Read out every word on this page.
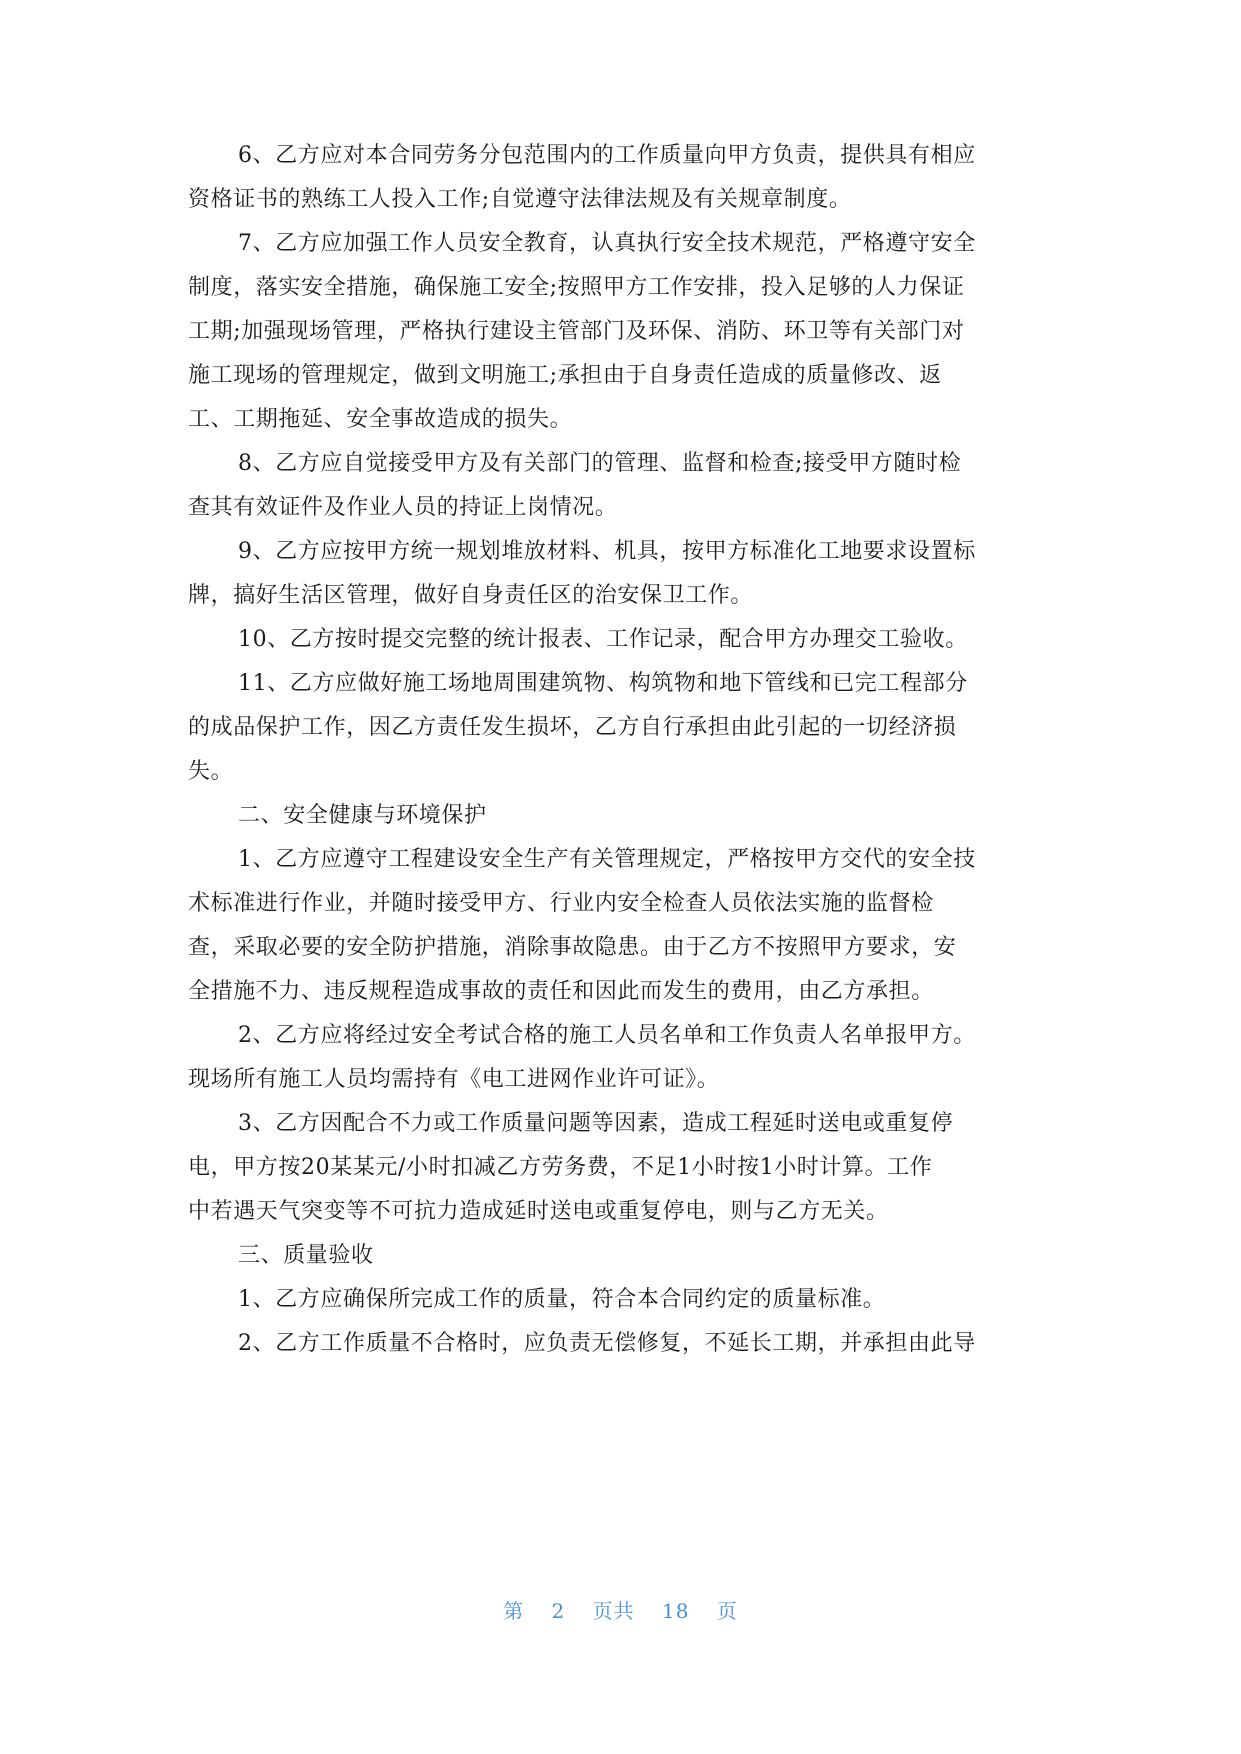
6、乙方应对本合同劳务分包范围内的工作质量向甲方负责，提供具有相应
资格证书的熟练工人投入工作;自觉遵守法律法规及有关规章制度。
7、乙方应加强工作人员安全教育，认真执行安全技术规范，严格遵守安全
制度，落实安全措施，确保施工安全;按照甲方工作安排，投入足够的人力保证
工期;加强现场管理，严格执行建设主管部门及环保、消防、环卫等有关部门对
施工现场的管理规定，做到文明施工;承担由于自身责任造成的质量修改、返
工、工期拖延、安全事故造成的损失。
8、乙方应自觉接受甲方及有关部门的管理、监督和检查;接受甲方随时检
查其有效证件及作业人员的持证上岗情况。
9、乙方应按甲方统一规划堆放材料、机具，按甲方标准化工地要求设置标
牌，搞好生活区管理，做好自身责任区的治安保卫工作。
10、乙方按时提交完整的统计报表、工作记录，配合甲方办理交工验收。
11、乙方应做好施工场地周围建筑物、构筑物和地下管线和已完工程部分
的成品保护工作，因乙方责任发生损坏，乙方自行承担由此引起的一切经济损
失。
二、安全健康与环境保护
1、乙方应遵守工程建设安全生产有关管理规定，严格按甲方交代的安全技
术标准进行作业，并随时接受甲方、行业内安全检查人员依法实施的监督检
查，采取必要的安全防护措施，消除事故隐患。由于乙方不按照甲方要求，安
全措施不力、违反规程造成事故的责任和因此而发生的费用，由乙方承担。
2、乙方应将经过安全考试合格的施工人员名单和工作负责人名单报甲方。
现场所有施工人员均需持有《电工进网作业许可证》。
3、乙方因配合不力或工作质量问题等因素，造成工程延时送电或重复停
电，甲方按20某某元/小时扣减乙方劳务费，不足1小时按1小时计算。工作
中若遇天气突变等不可抗力造成延时送电或重复停电，则与乙方无关。
三、质量验收
1、乙方应确保所完成工作的质量，符合本合同约定的质量标准。
2、乙方工作质量不合格时，应负责无偿修复，不延长工期，并承担由此导
第 2 页共 18 页
